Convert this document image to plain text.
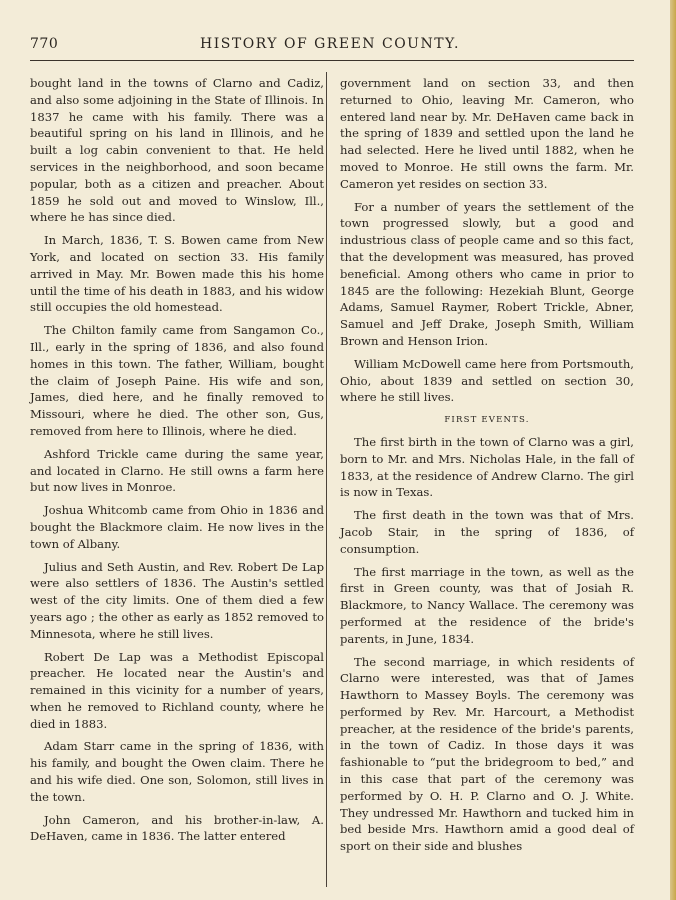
770	HISTORY OF GREEN COUNTY.

bought land in the towns of Clarno and Cadiz, and also some adjoining in the State of Illinois. In 1837 he came with his family. There was a beautiful spring on his land in Illinois, and he built a log cabin convenient to that. He held services in the neighborhood, and soon became popular, both as a citizen and preacher. About 1859 he sold out and moved to Winslow, Ill., where he has since died.

In March, 1836, T. S. Bowen came from New York, and located on section 33. His family arrived in May. Mr. Bowen made this his home until the time of his death in 1883, and his widow still occupies the old homestead.

The Chilton family came from Sangamon Co., Ill., early in the spring of 1836, and also found homes in this town. The father, William, bought the claim of Joseph Paine. His wife and son, James, died here, and he finally removed to Missouri, where he died. The other son, Gus, removed from here to Illinois, where he died.

Ashford Trickle came during the same year, and located in Clarno. He still owns a farm here but now lives in Monroe.

Joshua Whitcomb came from Ohio in 1836 and bought the Blackmore claim. He now lives in the town of Albany.

Julius and Seth Austin, and Rev. Robert De Lap were also settlers of 1836. The Austin's settled west of the city limits. One of them died a few years ago ; the other as early as 1852 removed to Minnesota, where he still lives.

Robert De Lap was a Methodist Episcopal preacher. He located near the Austin's and remained in this vicinity for a number of years, when he removed to Richland county, where he died in 1883.

Adam Starr came in the spring of 1836, with his family, and bought the Owen claim. There he and his wife died. One son, Solomon, still lives in the town.

John Cameron, and his brother-in-law, A. DeHaven, came in 1836. The latter entered

government land on section 33, and then returned to Ohio, leaving Mr. Cameron, who entered land near by. Mr. DeHaven came back in the spring of 1839 and settled upon the land he had selected. Here he lived until 1882, when he moved to Monroe. He still owns the farm. Mr. Cameron yet resides on section 33.

For a number of years the settlement of the town progressed slowly, but a good and industrious class of people came and so this fact, that the development was measured, has proved beneficial. Among others who came in prior to 1845 are the following: Hezekiah Blunt, George Adams, Samuel Raymer, Robert Trickle, Abner, Samuel and Jeff Drake, Joseph Smith, William Brown and Henson Irion.

William McDowell came here from Portsmouth, Ohio, about 1839 and settled on section 30, where he still lives.

FIRST EVENTS.

The first birth in the town of Clarno was a girl, born to Mr. and Mrs. Nicholas Hale, in the fall of 1833, at the residence of Andrew Clarno. The girl is now in Texas.

The first death in the town was that of Mrs. Jacob Stair, in the spring of 1836, of consumption.

The first marriage in the town, as well as the first in Green county, was that of Josiah R. Blackmore, to Nancy Wallace. The ceremony was performed at the residence of the bride's parents, in June, 1834.

The second marriage, in which residents of Clarno were interested, was that of James Hawthorn to Massey Boyls. The ceremony was performed by Rev. Mr. Harcourt, a Methodist preacher, at the residence of the bride's parents, in the town of Cadiz. In those days it was fashionable to “put the bridegroom to bed,” and in this case that part of the ceremony was performed by O. H. P. Clarno and O. J. White. They undressed Mr. Hawthorn and tucked him in bed beside Mrs. Hawthorn amid a good deal of sport on their side and blushes
